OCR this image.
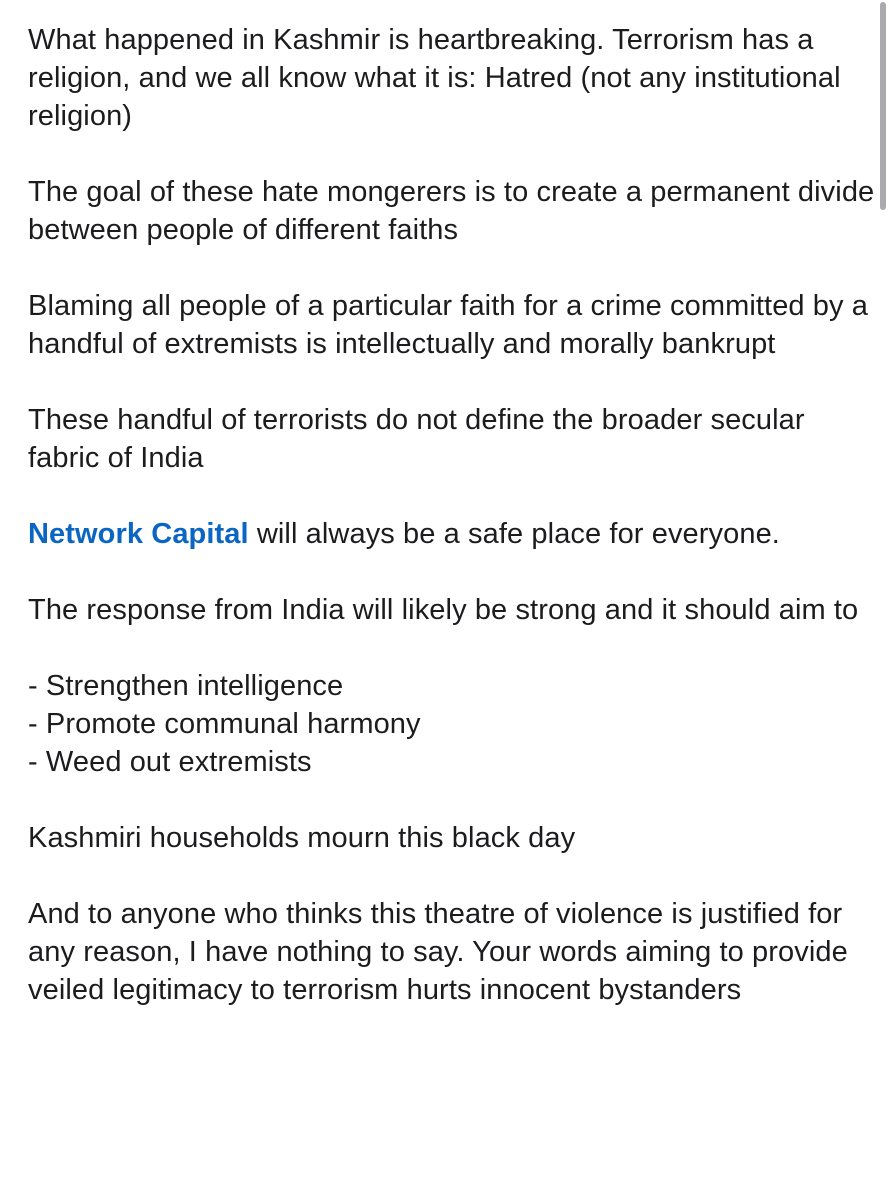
What happened in Kashmir is heartbreaking. Terrorism has a religion, and we all know what it is: Hatred (not any institutional religion)

The goal of these hate mongerers is to create a permanent divide between people of different faiths

Blaming all people of a particular faith for a crime committed by a handful of extremists is intellectually and morally bankrupt

These handful of terrorists do not define the broader secular fabric of India

Network Capital will always be a safe place for everyone.

The response from India will likely be strong and it should aim to

- Strengthen intelligence
- Promote communal harmony
- Weed out extremists

Kashmiri households mourn this black day

And to anyone who thinks this theatre of violence is justified for any reason, I have nothing to say. Your words aiming to provide veiled legitimacy to terrorism hurts innocent bystanders
